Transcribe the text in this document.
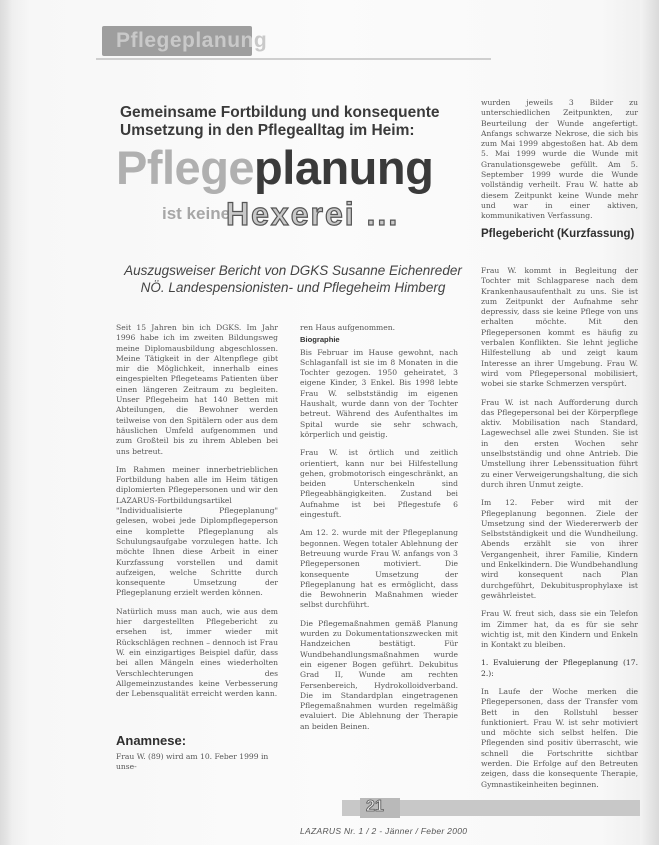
Pflegeplanung
Gemeinsame Fortbildung und konsequente Umsetzung in den Pflegealltag im Heim:
Pflegeplanung
ist keine
Hexerei ...
Auszugsweiser Bericht von DGKS Susanne Eichenreder
NÖ. Landespensionisten- und Pflegeheim Himberg

Seit 15 Jahren bin ich DGKS. Im Jahr 1996 habe ich im zweiten Bildungsweg meine Diplomausbildung abgeschlossen. Meine Tätigkeit in der Altenpflege gibt mir die Möglichkeit, innerhalb eines eingespielten Pflegeteams Patienten über einen längeren Zeitraum zu begleiten. Unser Pflegeheim hat 140 Betten mit Abteilungen, die Bewohner werden teilweise von den Spitälern oder aus dem häuslichen Umfeld aufgenommen und zum Großteil bis zu ihrem Ableben bei uns betreut.

Im Rahmen meiner innerbetrieblichen Fortbildung haben alle im Heim tätigen diplomierten Pflegepersonen und wir den LAZARUS-Fortbildungsartikel "Individualisierte Pflegeplanung" gelesen, wobei jede Diplompflegeperson eine komplette Pflegeplanung als Schulungsaufgabe vorzulegen hatte. Ich möchte Ihnen diese Arbeit in einer Kurzfassung vorstellen und damit aufzeigen, welche Schritte durch konsequente Umsetzung der Pflegeplanung erzielt werden können.

Natürlich muss man auch, wie aus dem hier dargestellten Pflegebericht zu ersehen ist, immer wieder mit Rückschlägen rechnen – dennoch ist Frau W. ein einzigartiges Beispiel dafür, dass bei allen Mängeln eines wiederholten Verschlechterungen des Allgemeinzustandes keine Verbesserung der Lebensqualität erreicht werden kann.

Anamnese:
Frau W. (89) wird am 10. Feber 1999 in unse-

ren Haus aufgenommen.

Biographie

Bis Februar im Hause gewohnt, nach Schlaganfall ist sie im 8 Monaten in die Tochter gezogen. 1950 geheiratet, 3 eigene Kinder, 3 Enkel. Bis 1998 lebte Frau W. selbstständig im eigenen Haushalt, wurde dann von der Tochter betreut. Während des Aufenthaltes im Spital wurde sie sehr schwach, körperlich und geistig.

Frau W. ist örtlich und zeitlich orientiert, kann nur bei Hilfestellung gehen, grobmotorisch eingeschränkt, an beiden Unterschenkeln sind Pflegeabhängigkeiten. Zustand bei Aufnahme ist bei Pflegestufe 6 eingestuft.

Am 12. 2. wurde mit der Pflegeplanung begonnen. Wegen totaler Ablehnung der Betreuung wurde Frau W. anfangs von 3 Pflegepersonen motiviert. Die konsequente Umsetzung der Pflegeplanung hat es ermöglicht, dass die Bewohnerin Maßnahmen wieder selbst durchführt.

Die Pflegemaßnahmen gemäß Planung wurden zu Dokumentationszwecken mit Handzeichen bestätigt. Für Wundbehandlungsmaßnahmen wurde ein eigener Bogen geführt. Dekubitus Grad II, Wunde am rechten Fersenbereich, Hydrokolloidverband. Die im Standardplan eingetragenen Pflegemaßnahmen wurden regelmäßig evaluiert. Die Ablehnung der Therapie an beiden Beinen.

wurden jeweils 3 Bilder zu unterschiedlichen Zeitpunkten, zur Beurteilung der Wunde angefertigt. Anfangs schwarze Nekrose, die sich bis zum Mai 1999 abgestoßen hat. Ab dem 5. Mai 1999 wurde die Wunde mit Granulationsgewebe gefüllt. Am 5. September 1999 wurde die Wunde vollständig verheilt. Frau W. hatte ab diesem Zeitpunkt keine Wunde mehr und war in einer aktiven, kommunikativen Verfassung.

Pflegebericht (Kurzfassung)

Frau W. kommt in Begleitung der Tochter mit Schlagparese nach dem Krankenhausaufenthalt zu uns. Sie ist zum Zeitpunkt der Aufnahme sehr depressiv, dass sie keine Pflege von uns erhalten möchte. Mit den Pflegepersonen kommt es häufig zu verbalen Konflikten. Sie lehnt jegliche Hilfestellung ab und zeigt kaum Interesse an ihrer Umgebung. Frau W. wird vom Pflegepersonal mobilisiert, wobei sie starke Schmerzen verspürt.

Frau W. ist nach Aufforderung durch das Pflegepersonal bei der Körperpflege aktiv. Mobilisation nach Standard, Lagewechsel alle zwei Stunden. Sie ist in den ersten Wochen sehr unselbstständig und ohne Antrieb. Die Umstellung ihrer Lebenssituation führt zu einer Verweigerungshaltung, die sich durch ihren Unmut zeigte.

Im 12. Feber wird mit der Pflegeplanung begonnen. Ziele der Umsetzung sind der Wiedererwerb der Selbstständigkeit und die Wundheilung. Abends erzählt sie von ihrer Vergangenheit, ihrer Familie, Kindern und Enkelkindern. Die Wundbehandlung wird konsequent nach Plan durchgeführt, Dekubitusprophylaxe ist gewährleistet.

Frau W. freut sich, dass sie ein Telefon im Zimmer hat, da es für sie sehr wichtig ist, mit den Kindern und Enkeln in Kontakt zu bleiben.

1. Evaluierung der Pflegeplanung (17. 2.):

In Laufe der Woche merken die Pflegepersonen, dass der Transfer vom Bett in den Rollstuhl besser funktioniert. Frau W. ist sehr motiviert und möchte sich selbst helfen. Die Pflegenden sind positiv überrascht, wie schnell die Fortschritte sichtbar werden. Die Erfolge auf den Betreuten zeigen, dass die konsequente Therapie, Gymnastikeinheiten beginnen.

21
LAZARUS Nr. 1 / 2 - Jänner / Feber 2000
